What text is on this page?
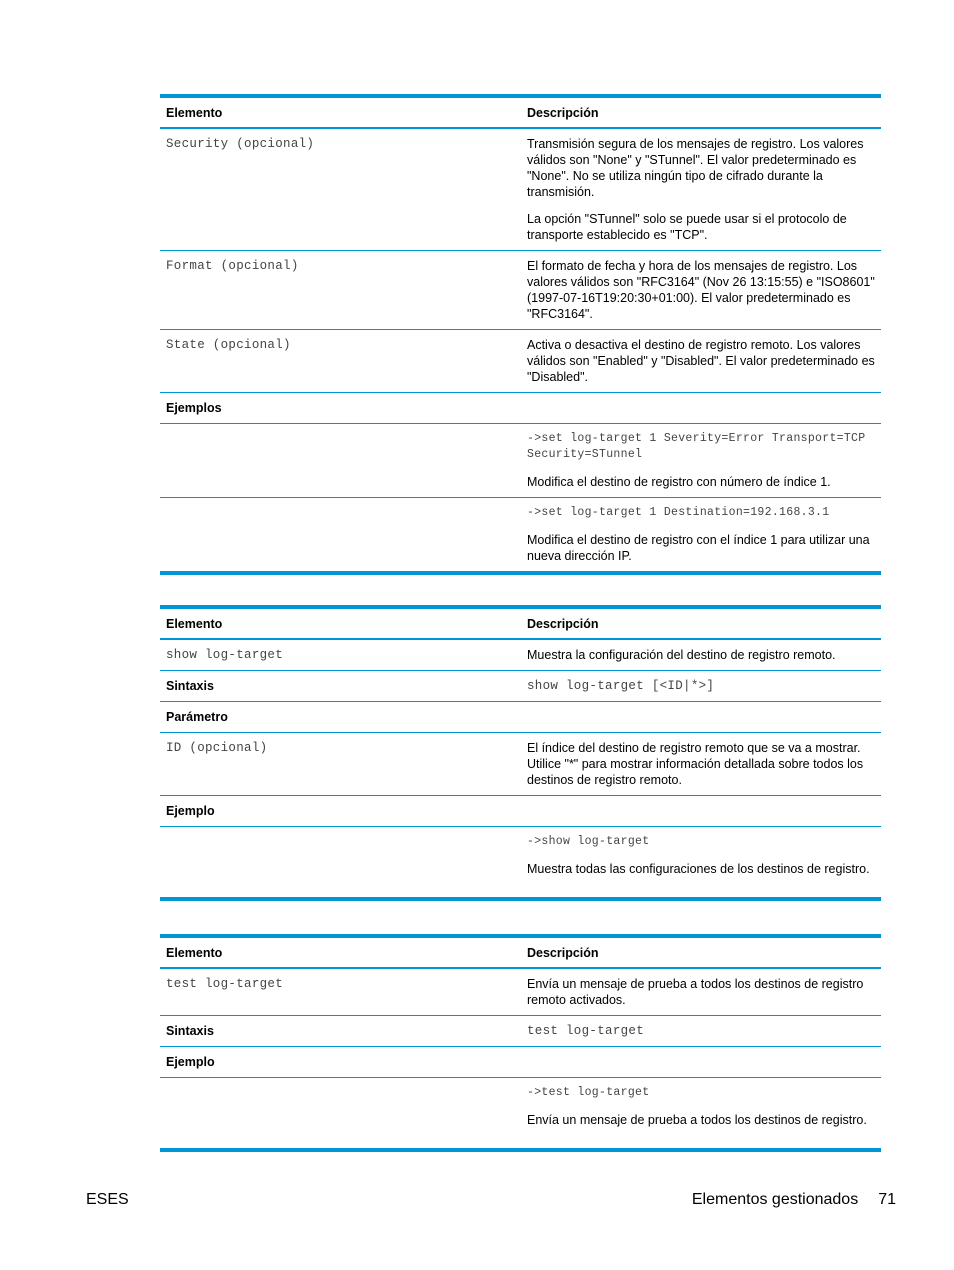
Elemento	Descripción
Security (opcional)	Transmisión segura de los mensajes de registro. Los valores válidos son "None" y "STunnel". El valor predeterminado es "None". No se utiliza ningún tipo de cifrado durante la transmisión.

La opción "STunnel" solo se puede usar si el protocolo de transporte establecido es "TCP".

Format (opcional)	El formato de fecha y hora de los mensajes de registro. Los valores válidos son "RFC3164" (Nov 26 13:15:55) e "ISO8601" (1997-07-16T19:20:30+01:00). El valor predeterminado es "RFC3164".
State (opcional)	Activa o desactiva el destino de registro remoto. Los valores válidos son "Enabled" y "Disabled". El valor predeterminado es "Disabled".
Ejemplos	

	->set log-target 1 Severity=Error Transport=TCP Security=STunnel

Modifica el destino de registro con número de índice 1.

	->set log-target 1 Destination=192.168.3.1

Modifica el destino de registro con el índice 1 para utilizar una nueva dirección IP.

Elemento	Descripción
show log-target	Muestra la configuración del destino de registro remoto.
Sintaxis	show log-target [<ID|*>]
Parámetro	
ID (opcional)	El índice del destino de registro remoto que se va a mostrar. Utilice "*" para mostrar información detallada sobre todos los destinos de registro remoto.
Ejemplo	

	->show log-target

Muestra todas las configuraciones de los destinos de registro.

Elemento	Descripción
test log-target	Envía un mensaje de prueba a todos los destinos de registro remoto activados.
Sintaxis	test log-target
Ejemplo	

	->test log-target

Envía un mensaje de prueba a todos los destinos de registro.

ESES	Elementos gestionados 71
